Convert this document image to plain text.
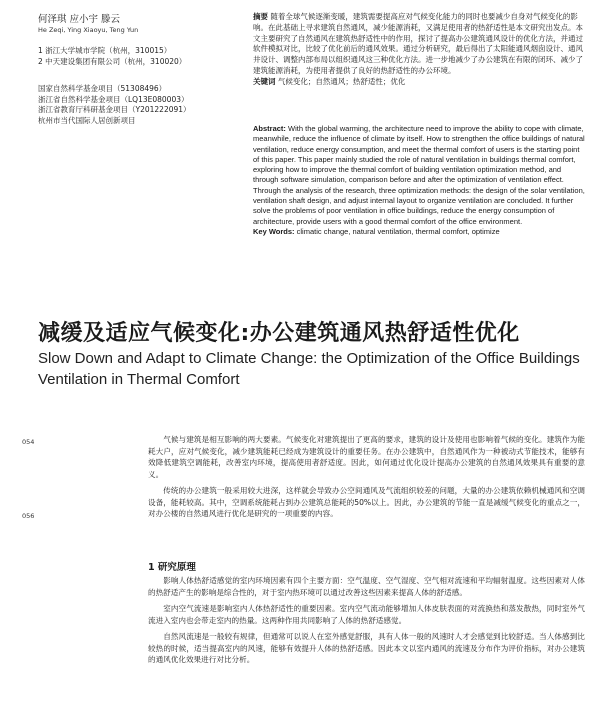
何泽琪 应小宇 滕云
He Zeqi, Ying Xiaoyu, Teng Yun
1 浙江大学城市学院（杭州，310015）
2 中天建设集团有限公司（杭州，310020）
国家自然科学基金项目（51308496）
浙江省自然科学基金项目（LQ13E080003）
浙江省教育厅科研基金项目（Y201222091）
杭州市当代国际人居创新项目
摘要 随着全球气候逐渐变暖，建筑需要提高应对气候变化能力的同时也要减少自身对气候变化的影响。在此基础上寻求建筑自然通风，减少能源消耗，又满足使用者的热舒适性是本文研究出发点。本文主要研究了自然通风在建筑热舒适性中的作用，探讨了提高办公建筑通风设计的优化方法，并通过软件模拟对比，比较了优化前后的通风效果。通过分析研究，最后得出了太阳能通风烟囱设计、通风井设计、调整内部布局以组织通风这三种优化方法。进一步地减少了办公建筑在有限的闭环、减少了建筑能源消耗，为使用者提供了良好的热舒适性的办公环境。
关键词 气候变化；自然通风；热舒适性；优化
Abstract: With the global warming, the architecture need to improve the ability to cope with climate, meanwhile, reduce the influence of climate by itself. How to strengthen the office buildings of natural ventilation, reduce energy consumption, and meet the thermal comfort of users is the starting point of this paper. This paper mainly studied the role of natural ventilation in buildings thermal comfort, exploring how to improve the thermal comfort of building ventilation optimization method, and through software simulation, comparison before and after the optimization of ventilation effect. Through the analysis of the research, three optimization methods: the design of the solar ventilation, ventilation shaft design, and adjust internal layout to organize ventilation are concluded. It further solve the problems of poor ventilation in office buildings, reduce the energy consumption of architecture, provide users with a good thermal comfort of the office environment.
Key Words: climatic change, natural ventilation, thermal comfort, optimize
减缓及适应气候变化:办公建筑通风热舒适性优化
Slow Down and Adapt to Climate Change: the Optimization of the Office Buildings Ventilation in Thermal Comfort
054
056

气候与建筑是相互影响的两大要素。气候变化对建筑提出了更高的要求，建筑的设计及使用也影响着气候的变化。建筑作为能耗大户，应对气候变化，减少建筑能耗已经成为建筑设计的重要任务。在办公建筑中，自然通风作为一种被动式节能技术，能够有效降低建筑空调能耗，改善室内环境，提高使用者舒适度。因此，如何通过优化设计提高办公建筑的自然通风效果具有重要的意义。

传统的办公建筑一般采用较大进深，这样就会导致办公空间通风及气流组织较差的问题，大量的办公建筑依赖机械通风和空调设备，能耗较高。其中，空调系统能耗占到办公建筑总能耗的50%以上。因此，办公建筑的节能一直是减缓气候变化的重点之一，对办公楼的自然通风进行优化是研究的一项重要的内容。

1 研究原理

影响人体热舒适感觉的室内环境因素有四个主要方面：空气温度、空气湿度、空气相对流速和平均辐射温度。这些因素对人体的热舒适产生的影响是综合性的，对于室内热环境可以通过改善这些因素来提高人体的舒适感。

室内空气流速是影响室内人体热舒适性的重要因素。室内空气流动能够增加人体皮肤表面的对流换热和蒸发散热，同时室外气流进入室内也会带走室内的热量。这两种作用共同影响了人体的热舒适感觉。

自然风流速是一般较有规律，但通常可以说人在室外感觉舒服，具有人体一般的风速时人才会感觉到比较舒适。当人体感到比较热的时候，适当提高室内的风速，能够有效提升人体的热舒适感。因此本文以室内通风的流速及分布作为评价指标，对办公建筑的通风优化效果进行对比分析。
